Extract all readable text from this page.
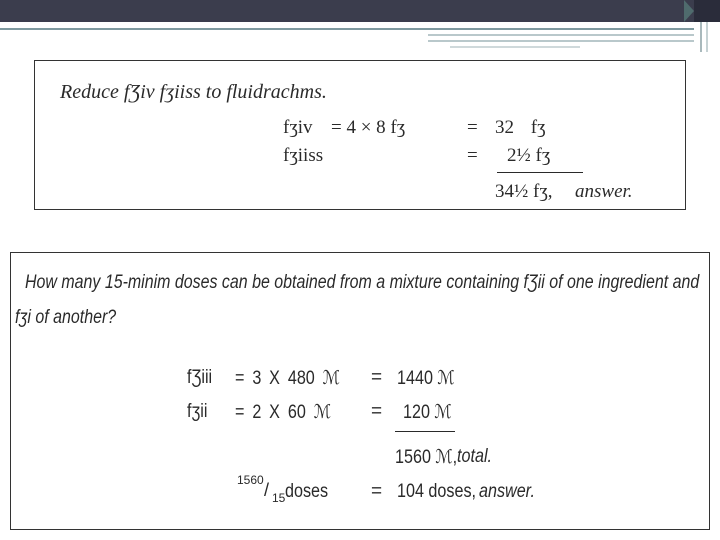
Reduce fƷiv fʒiiss to fluidrachms.
fʒiv = 4 × 8 fʒ	= 32 fʒ
fʒiiss	= 2½ fʒ
34½ fʒ, answer.
How many 15-minim doses can be obtained from a mixture containing fƷii of one ingredient and
fʒi of another?
fƷiii = 3 X 480 ℳ = 1440 ℳ
fʒii = 2 X 60 ℳ = 120 ℳ
1560 ℳ, total.
1560 / 15 doses = 104 doses, answer.
